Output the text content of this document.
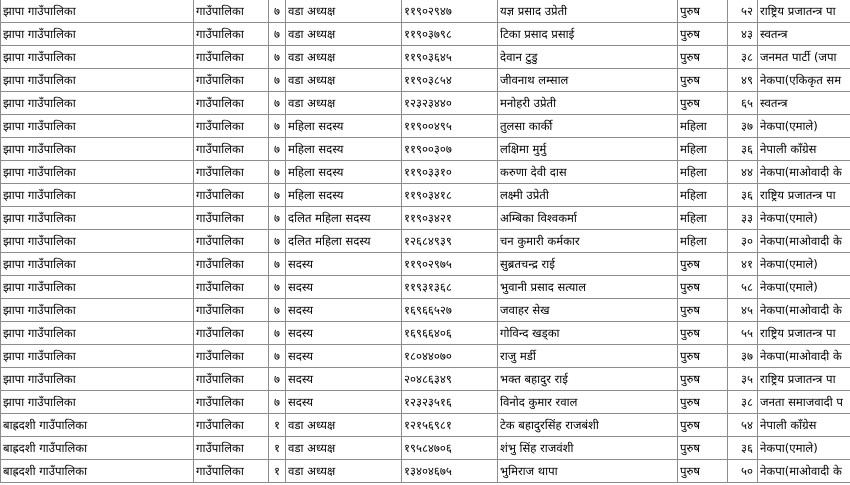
झापा गाउँपालिका	गाउँपालिका	७	वडा अध्यक्ष	११९०२९४७	यज्ञ प्रसाद उप्रेती	पुरुष	५२	राष्ट्रिय प्रजातन्त्र पा
झापा गाउँपालिका	गाउँपालिका	७	वडा अध्यक्ष	११९०३७९८	टिका प्रसाद प्रसाई	पुरुष	४३	स्वतन्त्र
झापा गाउँपालिका	गाउँपालिका	७	वडा अध्यक्ष	११९०३६४५	देवान टुडु	पुरुष	३८	जनमत पार्टी (जपा
झापा गाउँपालिका	गाउँपालिका	७	वडा अध्यक्ष	११९०३८५४	जीवनाथ लम्साल	पुरुष	४९	नेकपा(एकिकृत सम
झापा गाउँपालिका	गाउँपालिका	७	वडा अध्यक्ष	१२३२३४४०	मनोहरी उप्रेती	पुरुष	६५	स्वतन्त्र
झापा गाउँपालिका	गाउँपालिका	७	महिला सदस्य	११९००४९५	तुलसा कार्की	महिला	३७	नेकपा(एमाले)
झापा गाउँपालिका	गाउँपालिका	७	महिला सदस्य	११९००३०७	लक्षिमा मुर्मु	महिला	३६	नेपाली काँग्रेस
झापा गाउँपालिका	गाउँपालिका	७	महिला सदस्य	११९०३३१०	करुणा देवी दास	महिला	४४	नेकपा(माओवादी के
झापा गाउँपालिका	गाउँपालिका	७	महिला सदस्य	११९०३४१८	लक्ष्मी उप्रेती	महिला	३६	राष्ट्रिय प्रजातन्त्र पा
झापा गाउँपालिका	गाउँपालिका	७	दलित महिला सदस्य	११९०३४२१	अम्बिका विश्वकर्मा	महिला	३३	नेकपा(एमाले)
झापा गाउँपालिका	गाउँपालिका	७	दलित महिला सदस्य	१२६८४९३९	चन कुमारी कर्मकार	महिला	३०	नेकपा(माओवादी के
झापा गाउँपालिका	गाउँपालिका	७	सदस्य	११९०२९७५	सुब्रतचन्द्र राई	पुरुष	४१	नेकपा(एमाले)
झापा गाउँपालिका	गाउँपालिका	७	सदस्य	११९३१३६८	भुवानी प्रसाद सत्याल	पुरुष	५८	नेकपा(एमाले)
झापा गाउँपालिका	गाउँपालिका	७	सदस्य	१६९६६५२७	जवाहर सेख	पुरुष	४५	नेकपा(माओवादी के
झापा गाउँपालिका	गाउँपालिका	७	सदस्य	१६९६६४०६	गोविन्द खड्का	पुरुष	५५	राष्ट्रिय प्रजातन्त्र पा
झापा गाउँपालिका	गाउँपालिका	७	सदस्य	१८०४४०७०	राजु मर्डी	पुरुष	३७	नेकपा(माओवादी के
झापा गाउँपालिका	गाउँपालिका	७	सदस्य	२०४८६३४९	भक्त बहादुर राई	पुरुष	३५	राष्ट्रिय प्रजातन्त्र पा
झापा गाउँपालिका	गाउँपालिका	७	सदस्य	१२३२३५१६	विनोद कुमार रवाल	पुरुष	३८	जनता समाजवादी प
बाह्रदशी गाउँपालिका	गाउँपालिका	१	वडा अध्यक्ष	१२१५६९८१	टेक बहादुरसिंह राजबंशी	पुरुष	५४	नेपाली काँग्रेस
बाह्रदशी गाउँपालिका	गाउँपालिका	१	वडा अध्यक्ष	१९५८४७०६	शंभु सिंह राजवंशी	पुरुष	३६	नेकपा(एमाले)
बाह्रदशी गाउँपालिका	गाउँपालिका	१	वडा अध्यक्ष	१३४०४६७५	भुमिराज थापा	पुरुष	५०	नेकपा(माओवादी के
